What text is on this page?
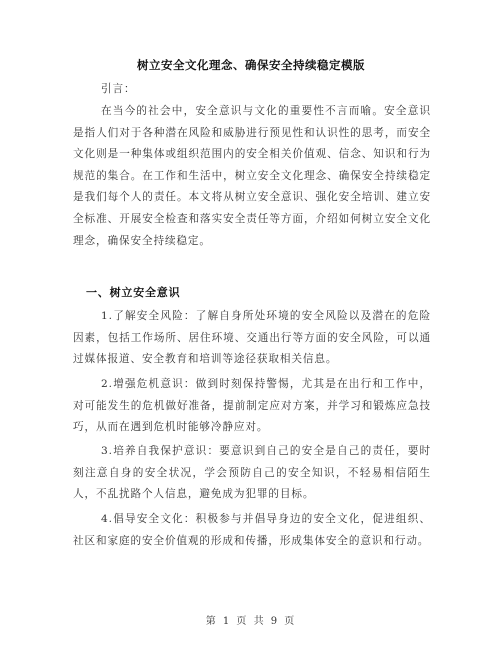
树立安全文化理念、确保安全持续稳定模版
引言：
在当今的社会中，安全意识与文化的重要性不言而喻。安全意识是指人们对于各种潜在风险和威胁进行预见性和认识性的思考，而安全文化则是一种集体或组织范围内的安全相关价值观、信念、知识和行为规范的集合。在工作和生活中，树立安全文化理念、确保安全持续稳定是我们每个人的责任。本文将从树立安全意识、强化安全培训、建立安全标准、开展安全检查和落实安全责任等方面，介绍如何树立安全文化理念，确保安全持续稳定。
一、树立安全意识
1.了解安全风险：了解自身所处环境的安全风险以及潜在的危险因素，包括工作场所、居住环境、交通出行等方面的安全风险，可以通过媒体报道、安全教育和培训等途径获取相关信息。
2.增强危机意识：做到时刻保持警惕，尤其是在出行和工作中，对可能发生的危机做好准备，提前制定应对方案，并学习和锻炼应急技巧，从而在遇到危机时能够冷静应对。
3.培养自我保护意识：要意识到自己的安全是自己的责任，要时刻注意自身的安全状况，学会预防自己的安全知识，不轻易相信陌生人，不乱扰路个人信息，避免成为犯罪的目标。
4.倡导安全文化：积极参与并倡导身边的安全文化，促进组织、社区和家庭的安全价值观的形成和传播，形成集体安全的意识和行动。
第 1 页 共 9 页
